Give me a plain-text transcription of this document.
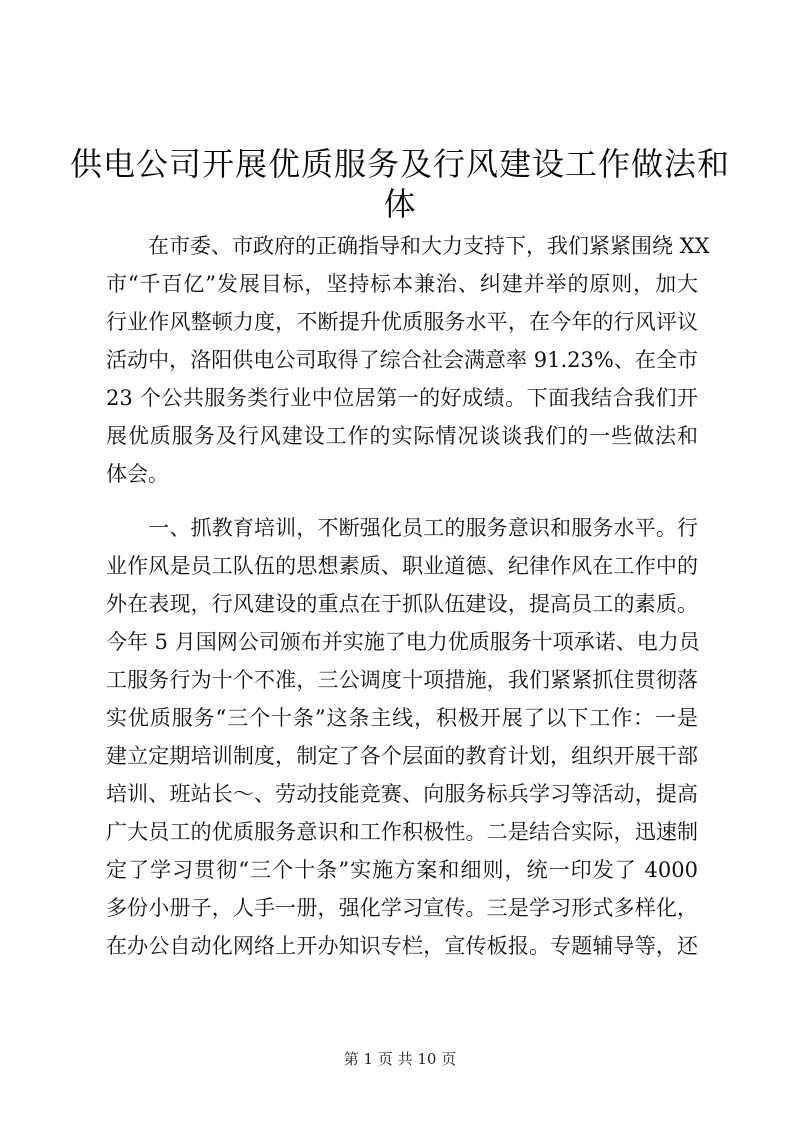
供电公司开展优质服务及行风建设工作做法和
体
　　在市委、市政府的正确指导和大力支持下，我们紧紧围绕 XX
市“千百亿”发展目标，坚持标本兼治、纠建并举的原则，加大
行业作风整顿力度，不断提升优质服务水平，在今年的行风评议
活动中，洛阳供电公司取得了综合社会满意率 91.23%、在全市
23 个公共服务类行业中位居第一的好成绩。下面我结合我们开
展优质服务及行风建设工作的实际情况谈谈我们的一些做法和
体会。
　　一、抓教育培训，不断强化员工的服务意识和服务水平。行
业作风是员工队伍的思想素质、职业道德、纪律作风在工作中的
外在表现，行风建设的重点在于抓队伍建设，提高员工的素质。
今年 5 月国网公司颁布并实施了电力优质服务十项承诺、电力员
工服务行为十个不准，三公调度十项措施，我们紧紧抓住贯彻落
实优质服务“三个十条”这条主线，积极开展了以下工作：一是
建立定期培训制度，制定了各个层面的教育计划，组织开展干部
培训、班站长～、劳动技能竞赛、向服务标兵学习等活动，提高
广大员工的优质服务意识和工作积极性。二是结合实际，迅速制
定了学习贯彻“三个十条”实施方案和细则，统一印发了 4000
多份小册子，人手一册，强化学习宣传。三是学习形式多样化，
在办公自动化网络上开办知识专栏，宣传板报。专题辅导等，还
第 1 页 共 10 页
